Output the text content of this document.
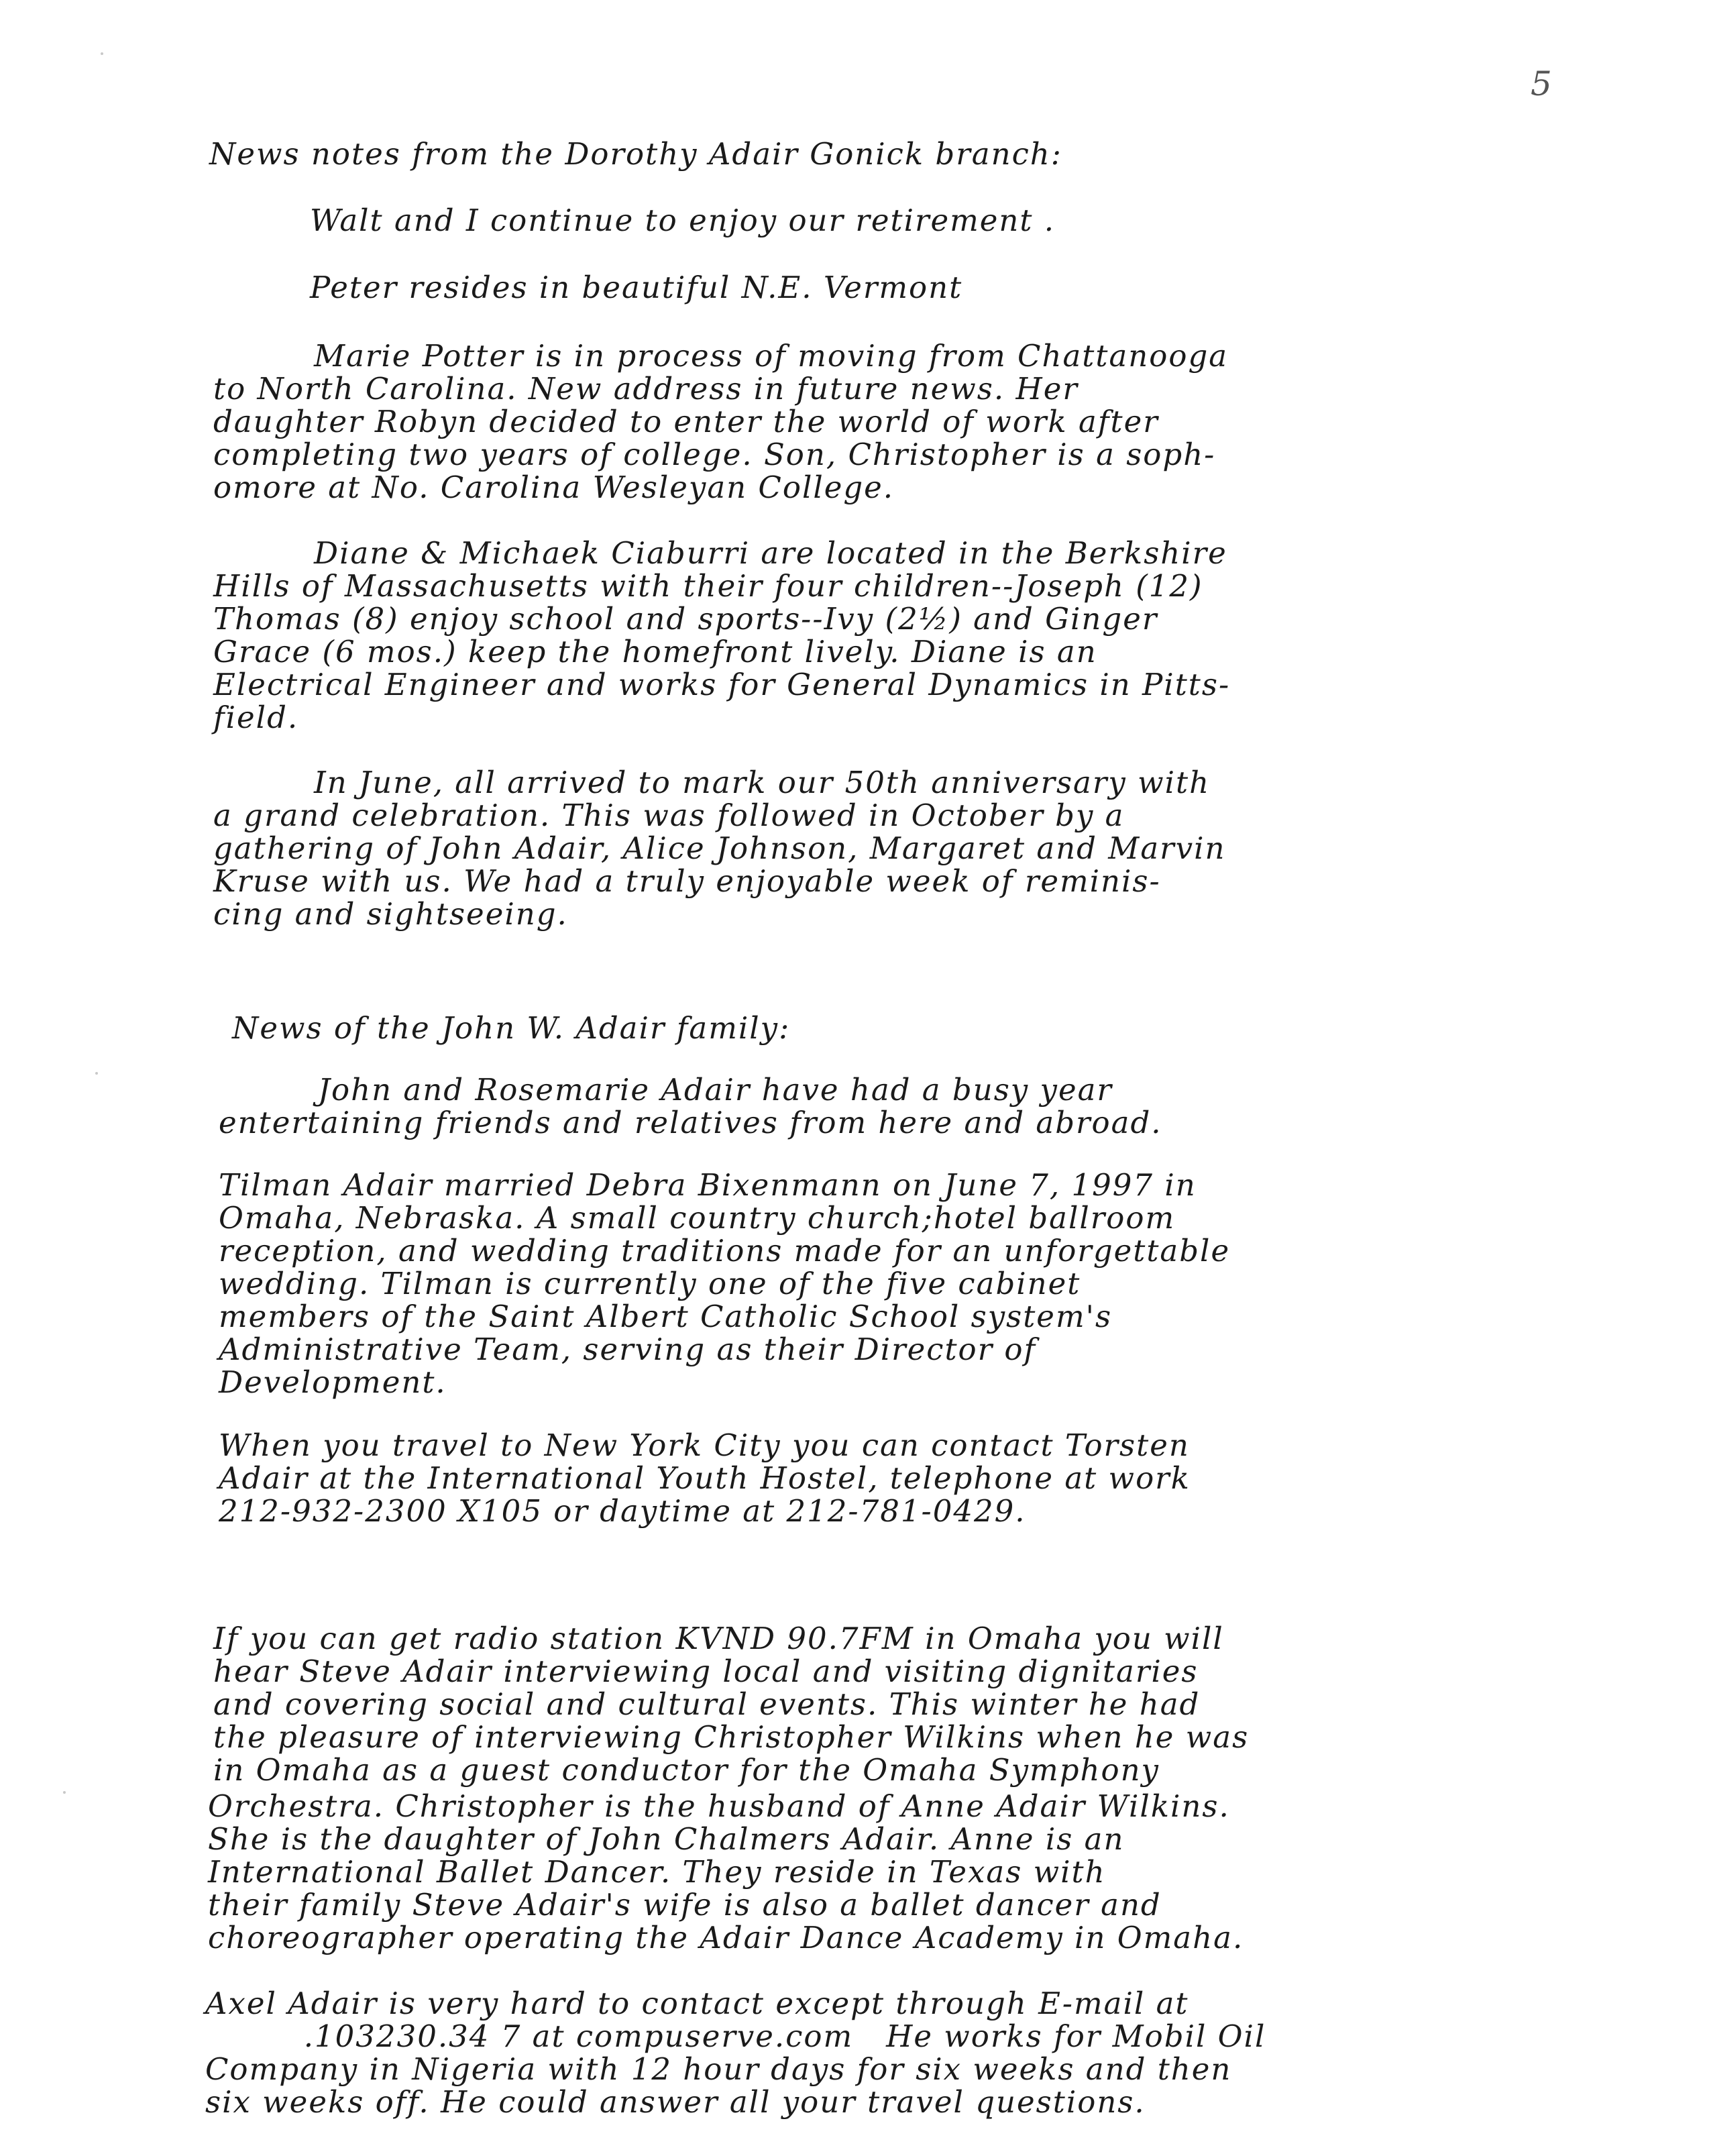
5
News notes from the Dorothy Adair Gonick branch:
Walt and I continue to enjoy our retirement .
Peter resides in beautiful N.E. Vermont
Marie Potter is in process of moving from Chattanooga
to North Carolina. New address in future news. Her
daughter Robyn decided to enter the world of work after
completing two years of college. Son, Christopher is a soph-
omore at No. Carolina Wesleyan College.
Diane & Michaek Ciaburri are located in the Berkshire
Hills of Massachusetts with their four children--Joseph (12)
Thomas (8) enjoy school and sports--Ivy (2½) and Ginger
Grace (6 mos.) keep the homefront lively. Diane is an
Electrical Engineer and works for General Dynamics in Pitts-
field.
In June, all arrived to mark our 50th anniversary with
a grand celebration. This was followed in October by a
gathering of John Adair, Alice Johnson, Margaret and Marvin
Kruse with us. We had a truly enjoyable week of reminis-
cing and sightseeing.
News of the John W. Adair family:
John and Rosemarie Adair have had a busy year
entertaining friends and relatives from here and abroad.
Tilman Adair married Debra Bixenmann on June 7, 1997 in
Omaha, Nebraska. A small country church;hotel ballroom
reception, and wedding traditions made for an unforgettable
wedding. Tilman is currently one of the five cabinet
members of the Saint Albert Catholic School system's
Administrative Team, serving as their Director of
Development.
When you travel to New York City you can contact Torsten
Adair at the International Youth Hostel, telephone at work
212-932-2300 X105 or daytime at 212-781-0429.
If you can get radio station KVND 90.7FM in Omaha you will
hear Steve Adair interviewing local and visiting dignitaries
and covering social and cultural events. This winter he had
the pleasure of interviewing Christopher Wilkins when he was
in Omaha as a guest conductor for the Omaha Symphony
Orchestra. Christopher is the husband of Anne Adair Wilkins.
She is the daughter of John Chalmers Adair. Anne is an
International Ballet Dancer. They reside in Texas with
their family Steve Adair's wife is also a ballet dancer and
choreographer operating the Adair Dance Academy in Omaha.
Axel Adair is very hard to contact except through E-mail at
.103230.34 7 at compuserve.com   He works for Mobil Oil
Company in Nigeria with 12 hour days for six weeks and then
six weeks off. He could answer all your travel questions.
